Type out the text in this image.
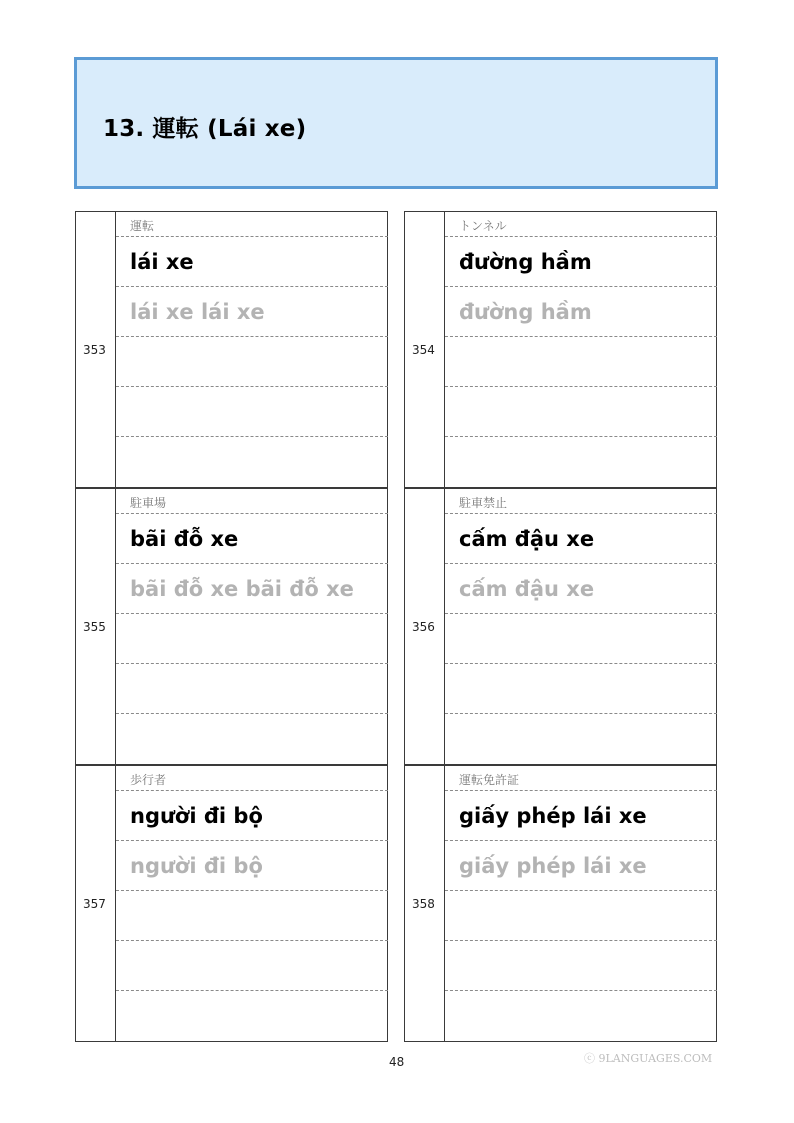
13. 運転 (Lái xe)
353
運転
lái xe
lái xe lái xe
354
トンネル
đường hầm
đường hầm
355
駐車場
bãi đỗ xe
bãi đỗ xe bãi đỗ xe
356
駐車禁止
cấm đậu xe
cấm đậu xe
357
歩行者
người đi bộ
người đi bộ
358
運転免許証
giấy phép lái xe
giấy phép lái xe
48	ⓒ 9LANGUAGES.COM
